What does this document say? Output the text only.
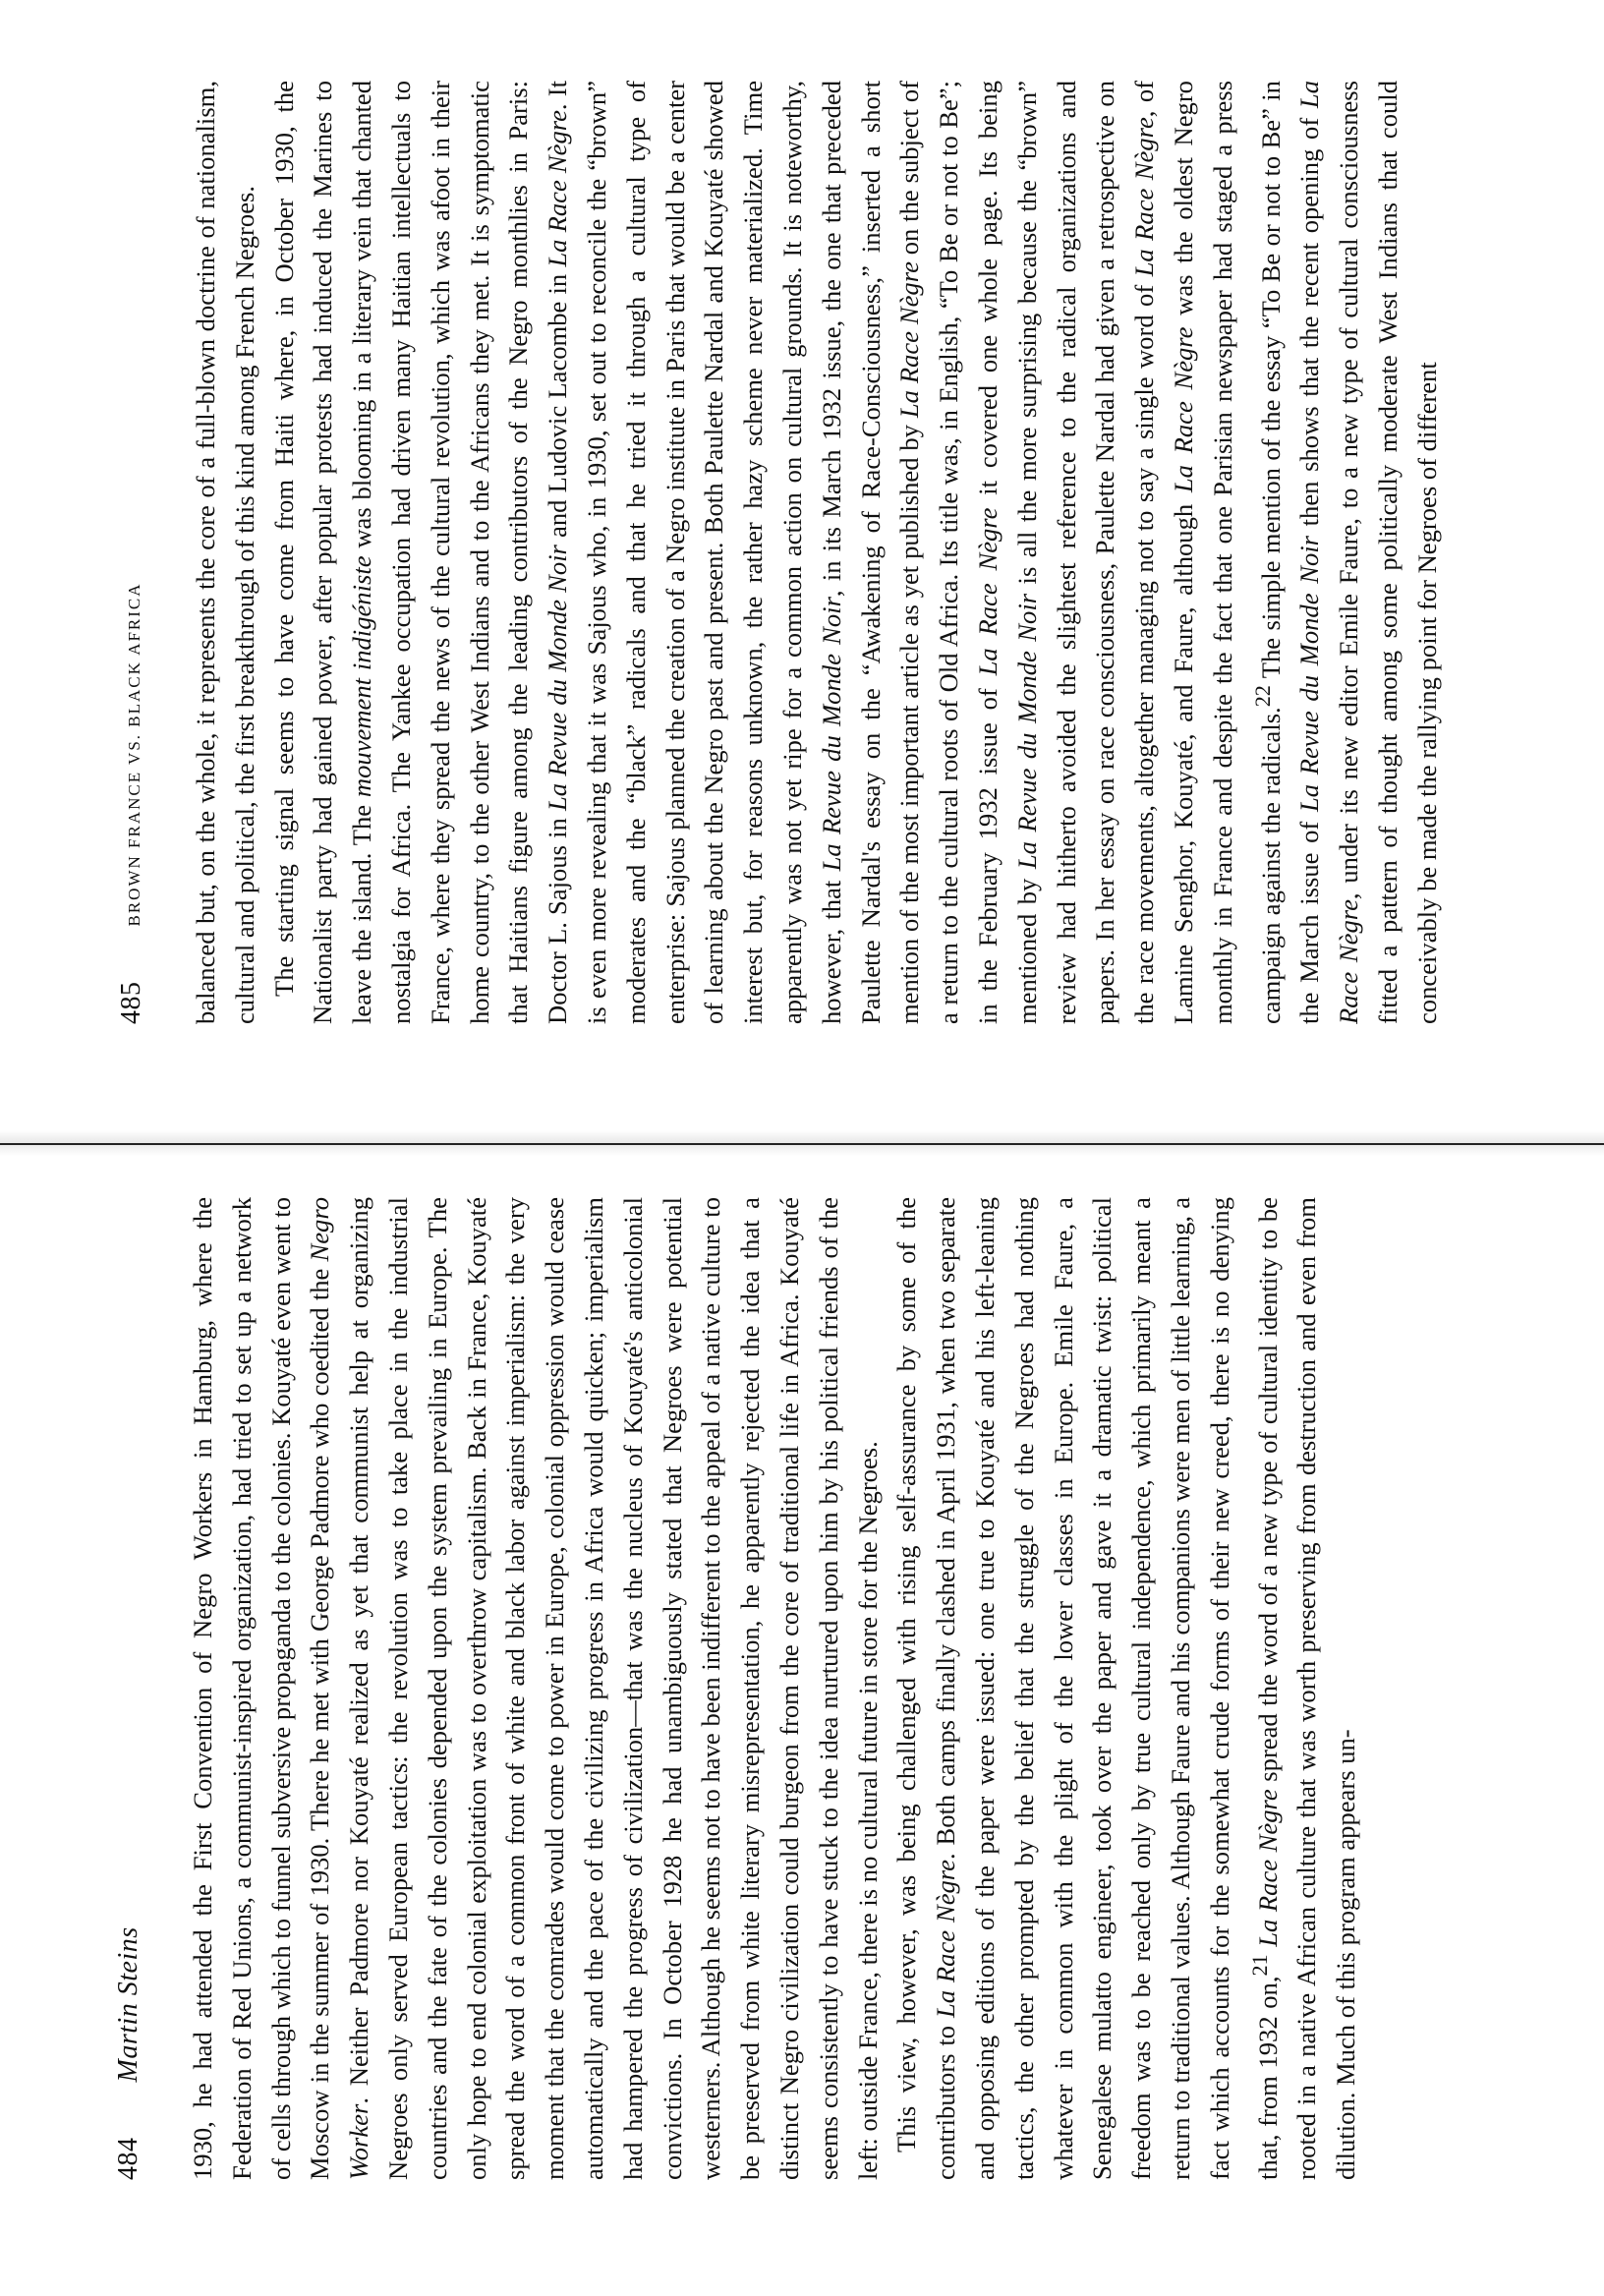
484
Martin Steins 1930, he had attended the First Convention of Negro Workers in Hamburg, where the Federation of Red Unions, a communist-inspired organization, had tried to set up a network of cells through which to funnel subversive propaganda to the colonies. Kouyaté even went to Moscow in the summer of 1930. There he met with George Padmore who coedited the Negro Worker. Neither Padmore nor Kouyaté realized as yet that communist help at organizing Negroes only served European tactics: the revolution was to take place in the industrial countries and the fate of the colonies depended upon the system prevailing in Europe. The only hope to end colonial exploitation was to overthrow capitalism. Back in France, Kouyaté spread the word of a common front of white and black labor against imperialism: the very moment that the comrades would come to power in Europe, colonial oppression would cease automatically and the pace of the civilizing progress in Africa would quicken; imperialism had hampered the progress of civilization—that was the nucleus of Kouyaté's anticolonial convictions. In October 1928 he had unambiguously stated that Negroes were potential westerners. Although he seems not to have been indifferent to the appeal of a native culture to be preserved from white literary misrepresentation, he apparently rejected the idea that a distinct Negro civilization could burgeon from the core of traditional life in Africa. Kouyaté seems consistently to have stuck to the idea nurtured upon him by his political friends of the left: outside France, there is no cultural future in store for the Negroes. This view, however, was being challenged with rising self-assurance by some of the contributors to La Race Nègre. Both camps finally clashed in April 1931, when two separate and opposing editions of the paper were issued: one true to Kouyaté and his left-leaning tactics, the other prompted by the belief that the struggle of the Negroes had nothing whatever in common with the plight of the lower classes in Europe. Emile Faure, a Senegalese mulatto engineer, took over the paper and gave it a dramatic twist: political freedom was to be reached only by true cultural independence, which primarily meant a return to traditional values. Although Faure and his companions were men of little learning, a fact which accounts for the somewhat crude forms of their new creed, there is no denying that, from 1932 on,$^{21}$ La Race Nègre spread the word of a new type of cultural identity to be rooted in a native African culture that was worth preserving from destruction and even from dilution. Much of this program appears un-

485
BROWN FRANCE VS. BLACK AFRICA balanced but, on the whole, it represents the core of a full-blown doctrine of nationalism, cultural and political, the first breakthrough of this kind among French Negroes. The starting signal seems to have come from Haiti where, in October 1930, the Nationalist party had gained power, after popular protests had induced the Marines to leave the island. The mouvement indigéniste was blooming in a literary vein that chanted nostalgia for Africa. The Yankee occupation had driven many Haitian intellectuals to France, where they spread the news of the cultural revolution, which was afoot in their home country, to the other West Indians and to the Africans they met. It is symptomatic that Haitians figure among the leading contributors of the Negro monthlies in Paris: Doctor L. Sajous in La Revue du Monde Noir and Ludovic Lacombe in La Race Nègre. It is even more revealing that it was Sajous who, in 1930, set out to reconcile the “brown” moderates and the “black” radicals and that he tried it through a cultural type of enterprise: Sajous planned the creation of a Negro institute in Paris that would be a center of learning about the Negro past and present. Both Paulette Nardal and Kouyaté showed interest but, for reasons unknown, the rather hazy scheme never materialized. Time apparently was not yet ripe for a common action on cultural grounds. It is noteworthy, however, that La Revue du Monde Noir, in its March 1932 issue, the one that preceded Paulette Nardal's essay on the “Awakening of Race-Consciousness,” inserted a short mention of the most important article as yet published by La Race Nègre on the subject of a return to the cultural roots of Old Africa. Its title was, in English, “To Be or not to Be”; in the February 1932 issue of La Race Nègre it covered one whole page. Its being mentioned by La Revue du Monde Noir is all the more surprising because the “brown” review had hitherto avoided the slightest reference to the radical organizations and papers. In her essay on race consciousness, Paulette Nardal had given a retrospective on the race movements, altogether managing not to say a single word of La Race Nègre, of Lamine Senghor, Kouyaté, and Faure, although La Race Nègre was the oldest Negro monthly in France and despite the fact that one Parisian newspaper had staged a press campaign against the radicals.$^{22}$ The simple mention of the essay “To Be or not to Be” in the March issue of La Revue du Monde Noir then shows that the recent opening of La Race Nègre, under its new editor Emile Faure, to a new type of cultural consciousness fitted a pattern of thought among some politically moderate West Indians that could conceivably be made the rallying point for Negroes of different
